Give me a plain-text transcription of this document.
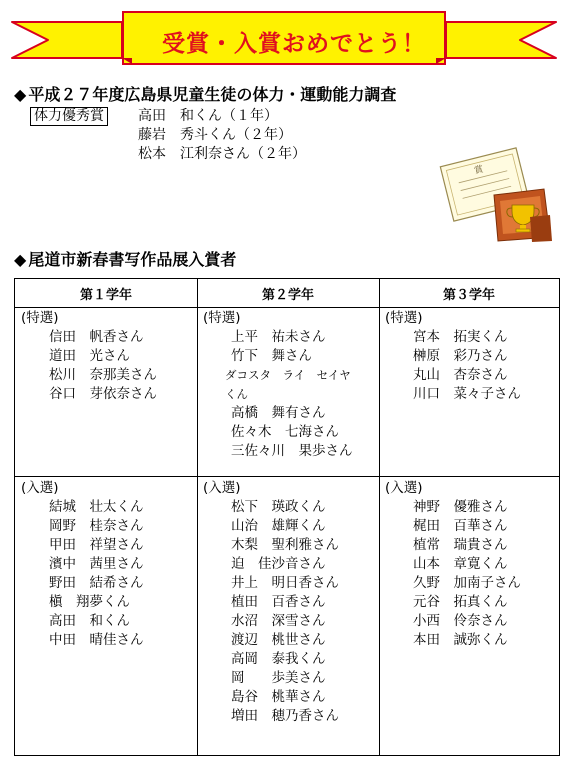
受賞・入賞おめでとう！
◆ 平成２７年度広島県児童生徒の体力・運動能力調査
体力優秀賞 高田　和くん（１年）
藤岩　秀斗くん（２年）
松本　江利奈さん（２年）
賞
◆ 尾道市新春書写作品展入賞者
第１学年	第２学年	第３学年
(特選)
信田　帆香さん
道田　光さん
松川　奈那美さん
谷口　芽依奈さん
(特選)
上平　祐未さん
竹下　舞さん
ダコスタ　ライ　セイヤ
くん
高橋　舞有さん
佐々木　七海さん
三佐々川　果歩さん
(特選)
宮本　拓実くん
榊原　彩乃さん
丸山　杏奈さん
川口　菜々子さん
(入選)
結城　壮太くん
岡野　桂奈さん
甲田　祥望さん
濱中　茜里さん
野田　結希さん
槇　翔夢くん
高田　和くん
中田　晴佳さん
(入選)
松下　瑛政くん
山治　雄輝くん
木梨　聖利雅さん
迫　佳沙音さん
井上　明日香さん
植田　百香さん
水沼　深雪さん
渡辺　桃世さん
高岡　泰我くん
岡　　歩美さん
島谷　桃華さん
増田　穂乃香さん
(入選)
神野　優雅さん
梶田　百華さん
植常　瑞貴さん
山本　章寛くん
久野　加南子さん
元谷　拓真くん
小西　伶奈さん
本田　誠弥くん
